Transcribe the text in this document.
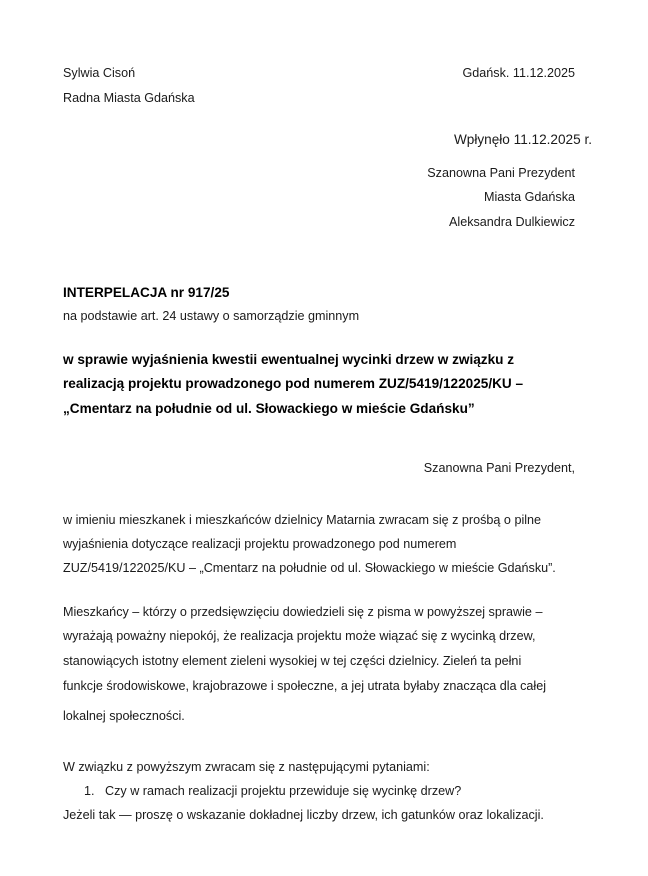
Sylwia Cisoń
Radna Miasta Gdańska
Gdańsk. 11.12.2025
Wpłynęło 11.12.2025 r.
Szanowna Pani Prezydent
Miasta Gdańska
Aleksandra Dulkiewicz
INTERPELACJA nr 917/25
na podstawie art. 24 ustawy o samorządzie gminnym
w sprawie wyjaśnienia kwestii ewentualnej wycinki drzew w związku z
realizacją projektu prowadzonego pod numerem ZUZ/5419/122025/KU –
„Cmentarz na południe od ul. Słowackiego w mieście Gdańsku”
Szanowna Pani Prezydent,
w imieniu mieszkanek i mieszkańców dzielnicy Matarnia zwracam się z prośbą o pilne
wyjaśnienia dotyczące realizacji projektu prowadzonego pod numerem
ZUZ/5419/122025/KU – „Cmentarz na południe od ul. Słowackiego w mieście Gdańsku”.
Mieszkańcy – którzy o przedsięwzięciu dowiedzieli się z pisma w powyższej sprawie –
wyrażają poważny niepokój, że realizacja projektu może wiązać się z wycinką drzew,
stanowiących istotny element zieleni wysokiej w tej części dzielnicy. Zieleń ta pełni
funkcje środowiskowe, krajobrazowe i społeczne, a jej utrata byłaby znacząca dla całej
lokalnej społeczności.
W związku z powyższym zwracam się z następującymi pytaniami:
1. Czy w ramach realizacji projektu przewiduje się wycinkę drzew?
Jeżeli tak — proszę o wskazanie dokładnej liczby drzew, ich gatunków oraz lokalizacji.
